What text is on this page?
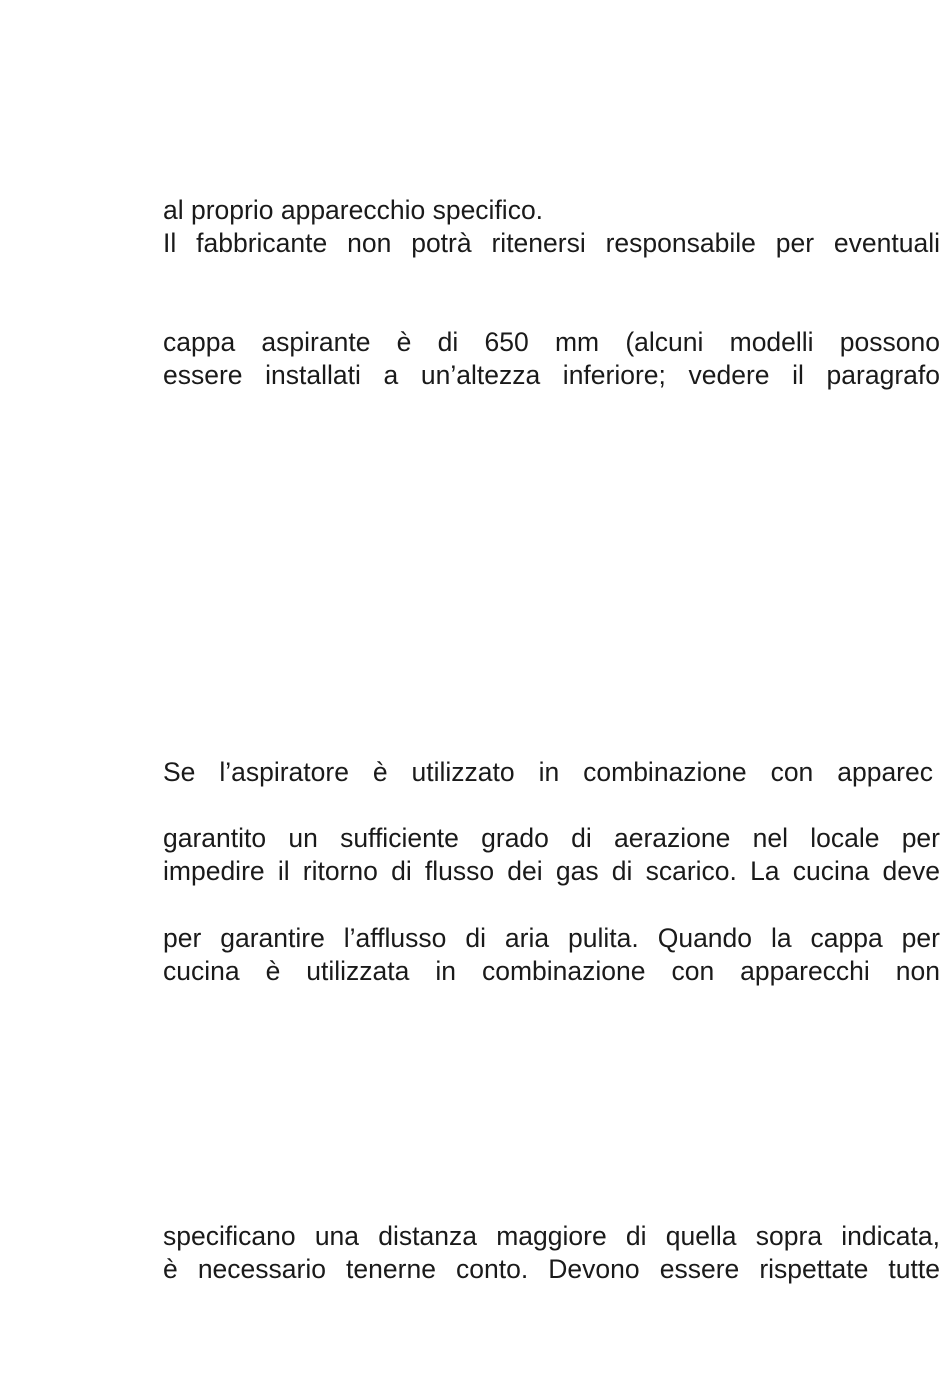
al proprio apparecchio specifico.
Il fabbricante non potrà ritenersi responsabile per eventuali
cappa aspirante è di 650 mm (alcuni modelli possono
essere installati a un’altezza inferiore; vedere il paragrafo
Se l’aspiratore è utilizzato in combinazione con apparec
garantito un sufficiente grado di aerazione nel locale per
impedire il ritorno di flusso dei gas di scarico. La cucina deve
per garantire l’afflusso di aria pulita. Quando la cappa per
cucina è utilizzata in combinazione con apparecchi non
specificano una distanza maggiore di quella sopra indicata,
è necessario tenerne conto. Devono essere rispettate tutte
